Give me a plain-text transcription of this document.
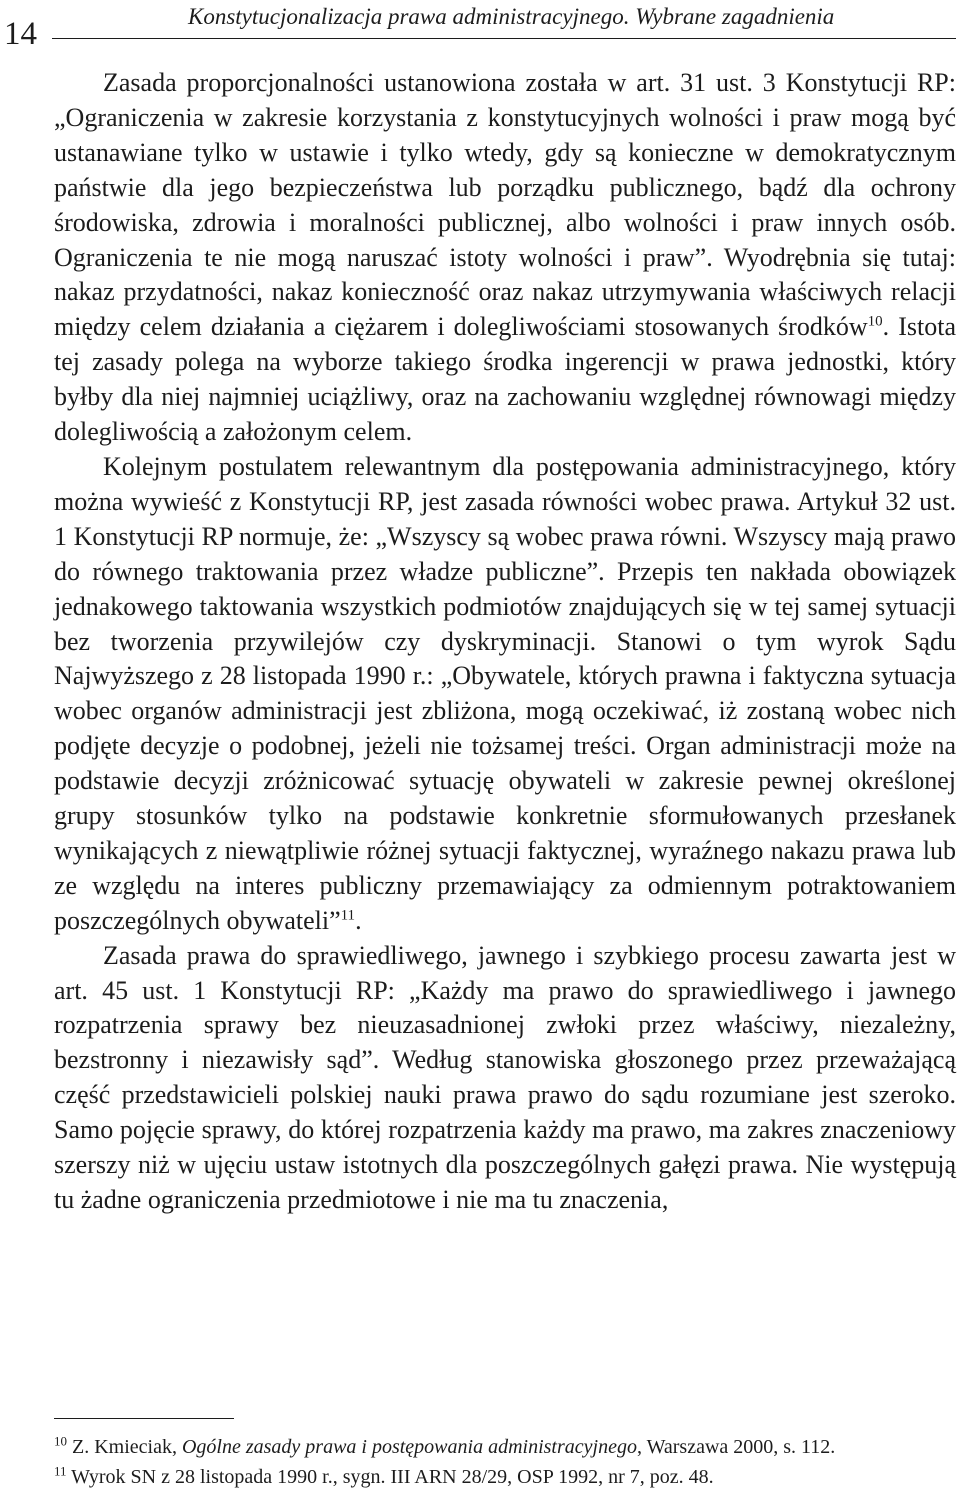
14	Konstytucjonalizacja prawa administracyjnego. Wybrane zagadnienia

Zasada proporcjonalności ustanowiona została w art. 31 ust. 3 Konstytucji RP: „Ograniczenia w zakresie korzystania z konstytucyjnych wolności i praw mogą być ustanawiane tylko w ustawie i tylko wtedy, gdy są konieczne w demokratycznym państwie dla jego bezpieczeństwa lub porządku publicznego, bądź dla ochrony środowiska, zdrowia i moralności publicznej, albo wolności i praw innych osób. Ograniczenia te nie mogą naruszać istoty wolności i praw”. Wyodrębnia się tutaj: nakaz przydatności, nakaz konieczność oraz nakaz utrzymywania właściwych relacji między celem działania a ciężarem i dolegliwościami stosowanych środków$^{10}$. Istota tej zasady polega na wyborze takiego środka ingerencji w prawa jednostki, który byłby dla niej najmniej uciążliwy, oraz na zachowaniu względnej równowagi między dolegliwością a założonym celem.

Kolejnym postulatem relewantnym dla postępowania administracyjnego, który można wywieść z Konstytucji RP, jest zasada równości wobec prawa. Artykuł 32 ust. 1 Konstytucji RP normuje, że: „Wszyscy są wobec prawa równi. Wszyscy mają prawo do równego traktowania przez władze publiczne”. Przepis ten nakłada obowiązek jednakowego taktowania wszystkich podmiotów znajdujących się w tej samej sytuacji bez tworzenia przywilejów czy dyskryminacji. Stanowi o tym wyrok Sądu Najwyższego z 28 listopada 1990 r.: „Obywatele, których prawna i faktyczna sytuacja wobec organów administracji jest zbliżona, mogą oczekiwać, iż zostaną wobec nich podjęte decyzje o podobnej, jeżeli nie tożsamej treści. Organ administracji może na podstawie decyzji zróżnicować sytuację obywateli w zakresie pewnej określonej grupy stosunków tylko na podstawie konkretnie sformułowanych przesłanek wynikających z niewątpliwie różnej sytuacji faktycznej, wyraźnego nakazu prawa lub ze względu na interes publiczny przemawiający za odmiennym potraktowaniem poszczególnych obywateli”$^{11}$.

Zasada prawa do sprawiedliwego, jawnego i szybkiego procesu zawarta jest w art. 45 ust. 1 Konstytucji RP: „Każdy ma prawo do sprawiedliwego i jawnego rozpatrzenia sprawy bez nieuzasadnionej zwłoki przez właściwy, niezależny, bezstronny i niezawisły sąd”. Według stanowiska głoszonego przez przeważającą część przedstawicieli polskiej nauki prawa prawo do sądu rozumiane jest szeroko. Samo pojęcie sprawy, do której rozpatrzenia każdy ma prawo, ma zakres znaczeniowy szerszy niż w ujęciu ustaw istotnych dla poszczególnych gałęzi prawa. Nie występują tu żadne ograniczenia przedmiotowe i nie ma tu znaczenia,

$^{10}$ Z. Kmieciak, Ogólne zasady prawa i postępowania administracyjnego, Warszawa 2000, s. 112.
$^{11}$ Wyrok SN z 28 listopada 1990 r., sygn. III ARN 28/29, OSP 1992, nr 7, poz. 48.
